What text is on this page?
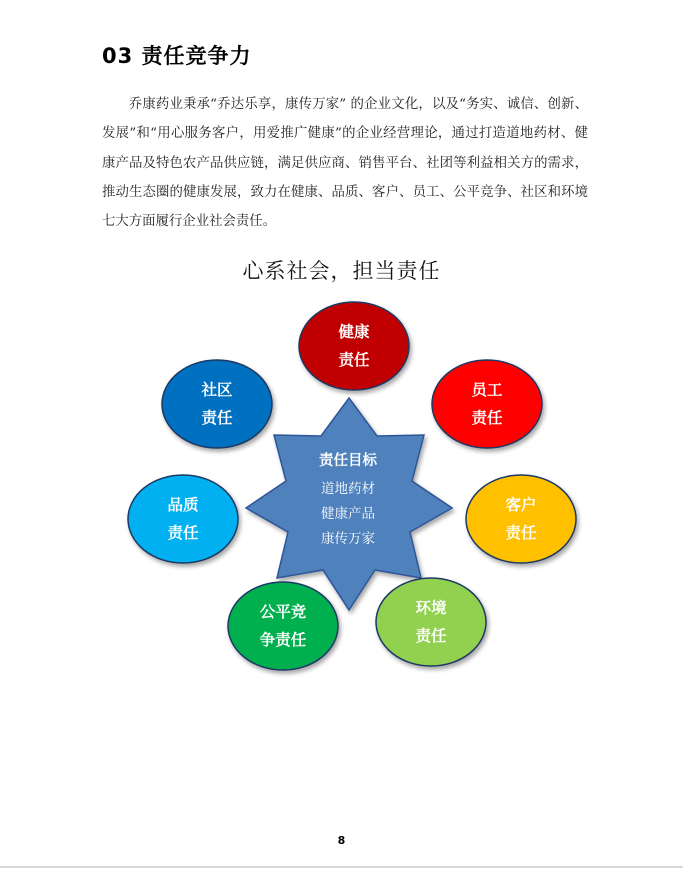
03 责任竞争力

乔康药业秉承“乔达乐享，康传万家” 的企业文化，以及“务实、诚信、创新、发展”和“用心服务客户，用爱推广健康”的企业经营理论，通过打造道地药材、健康产品及特色农产品供应链，满足供应商、销售平台、社团等利益相关方的需求，推动生态圈的健康发展，致力在健康、品质、客户、员工、公平竞争、社区和环境七大方面履行企业社会责任。

心系社会，担当责任
健康
责任
员工
责任
客户
责任
环境
责任
公平竞
争责任
品质
责任
社区
责任
责任目标
道地药材
健康产品
康传万家
8
